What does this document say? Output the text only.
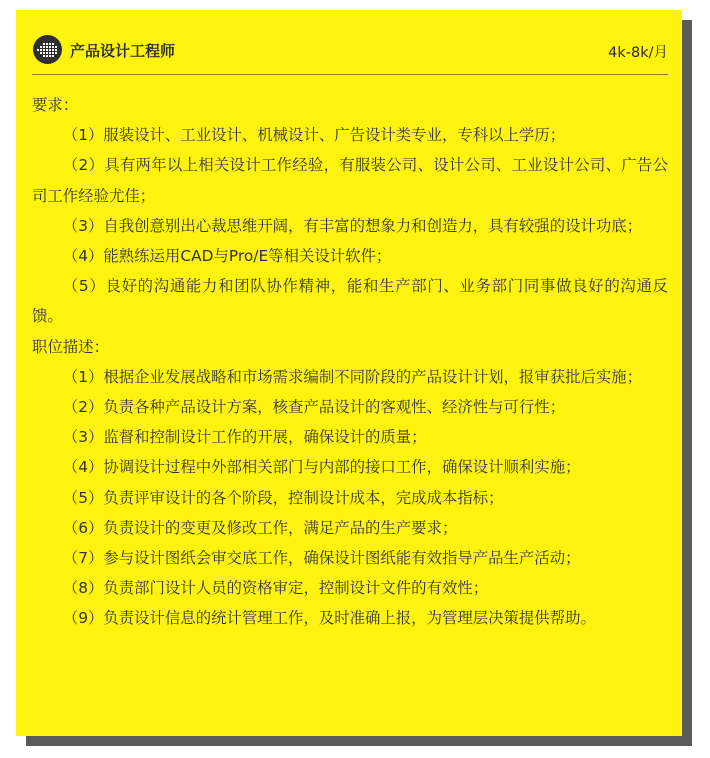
产品设计工程师	4k-8k/月

要求：

（1）服装设计、工业设计、机械设计、广告设计类专业，专科以上学历；

（2）具有两年以上相关设计工作经验，有服装公司、设计公司、工业设计公司、广告公司工作经验尤佳；

（3）自我创意别出心裁思维开阔，有丰富的想象力和创造力，具有较强的设计功底；

（4）能熟练运用CAD与Pro/E等相关设计软件；

（5）良好的沟通能力和团队协作精神，能和生产部门、业务部门同事做良好的沟通反馈。

职位描述：

（1）根据企业发展战略和市场需求编制不同阶段的产品设计计划，报审获批后实施；

（2）负责各种产品设计方案，核查产品设计的客观性、经济性与可行性；

（3）监督和控制设计工作的开展，确保设计的质量；

（4）协调设计过程中外部相关部门与内部的接口工作，确保设计顺利实施；

（5）负责评审设计的各个阶段，控制设计成本，完成成本指标；

（6）负责设计的变更及修改工作，满足产品的生产要求；

（7）参与设计图纸会审交底工作，确保设计图纸能有效指导产品生产活动；

（8）负责部门设计人员的资格审定，控制设计文件的有效性；

（9）负责设计信息的统计管理工作，及时准确上报，为管理层决策提供帮助。
